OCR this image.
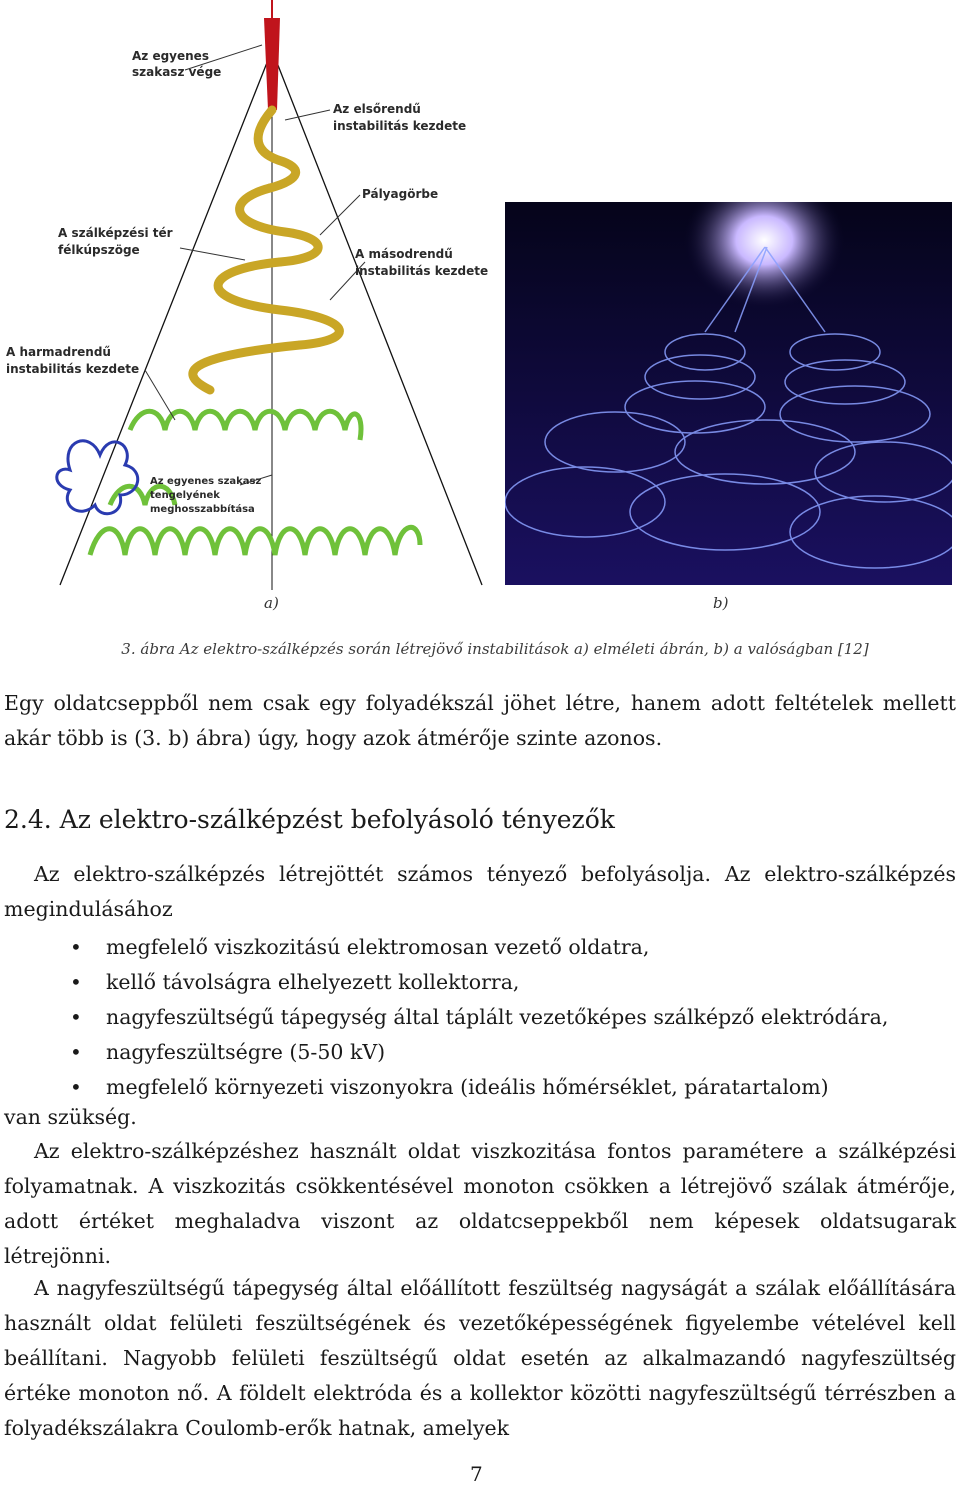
Az egyenes
szakasz vége
Az elsőrendű
instabilitás kezdete
Pályagörbe
A szálképzési tér
félkúpszöge	A másodrendű
instabilitás kezdete
A harmadrendű
instabilitás kezdete
Az egyenes szakasz
tengelyének
meghosszabbítása
a)	b)
3. ábra Az elektro-szálképzés során létrejövő instabilitások a) elméleti ábrán, b) a valóságban [12]

Egy oldatcseppből nem csak egy folyadékszál jöhet létre, hanem adott feltételek mellett akár több is (3. b) ábra) úgy, hogy azok átmérője szinte azonos.

2.4. Az elektro-szálképzést befolyásoló tényezők

Az elektro-szálképzés létrejöttét számos tényező befolyásolja. Az elektro-szálképzés megindulásához

• megfelelő viszkozitású elektromosan vezető oldatra,
• kellő távolságra elhelyezett kollektorra,
• nagyfeszültségű tápegység által táplált vezetőképes szálképző elektródára,
• nagyfeszültségre (5-50 kV)
• megfelelő környezeti viszonyokra (ideális hőmérséklet, páratartalom)

van szükség.

Az elektro-szálképzéshez használt oldat viszkozitása fontos paramétere a szálképzési folyamatnak. A viszkozitás csökkentésével monoton csökken a létrejövő szálak átmérője, adott értéket meghaladva viszont az oldatcseppekből nem képesek oldatsugarak létrejönni.

A nagyfeszültségű tápegység által előállított feszültség nagyságát a szálak előállítására használt oldat felületi feszültségének és vezetőképességének figyelembe vételével kell beállítani. Nagyobb felületi feszültségű oldat esetén az alkalmazandó nagyfeszültség értéke monoton nő. A földelt elektróda és a kollektor közötti nagyfeszültségű térrészben a folyadékszálakra Coulomb-erők hatnak, amelyek

7
